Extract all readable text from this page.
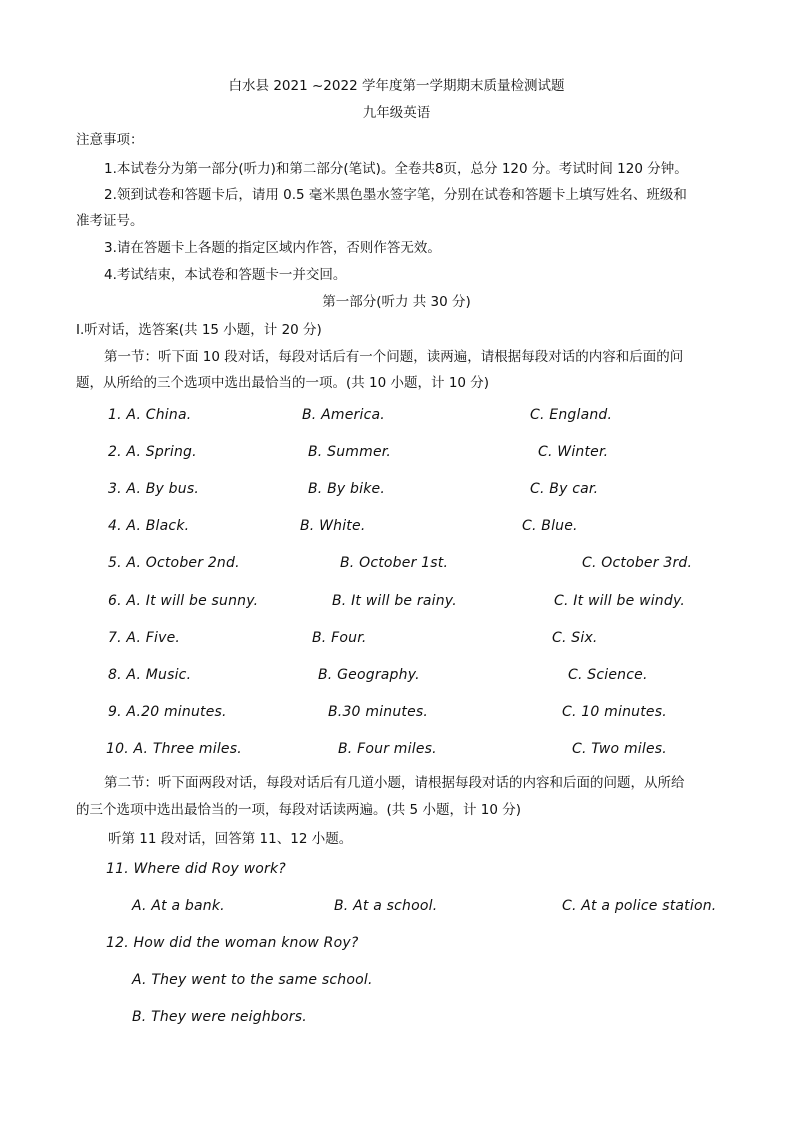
白水县 2021 ~2022 学年度第一学期期末质量检测试题
九年级英语
注意事项：
1.本试卷分为第一部分(听力)和第二部分(笔试)。全卷共8页，总分 120 分。考试时间 120 分钟。
2.领到试卷和答题卡后，请用 0.5 毫米黑色墨水签字笔，分别在试卷和答题卡上填写姓名、班级和
准考证号。
3.请在答题卡上各题的指定区域内作答，否则作答无效。
4.考试结束，本试卷和答题卡一并交回。
第一部分(听力 共 30 分)
Ⅰ.听对话，选答案(共 15 小题，计 20 分)
第一节：听下面 10 段对话，每段对话后有一个问题，读两遍，请根据每段对话的内容和后面的问
题，从所给的三个选项中选出最恰当的一项。(共 10 小题，计 10 分)
1. A. China.	B. America.	C. England.
2. A. Spring.	B. Summer.	C. Winter.
3. A. By bus.	B. By bike.	C. By car.
4. A. Black.	B. White.	C. Blue.
5. A. October 2nd.	B. October 1st.	C. October 3rd.
6. A. It will be sunny.	B. It will be rainy.	C. It will be windy.
7. A. Five.	B. Four.	C. Six.
8. A. Music.	B. Geography.	C. Science.
9. A.20 minutes.	B.30 minutes.	C. 10 minutes.
10. A. Three miles.	B. Four miles.	C. Two miles.
第二节：听下面两段对话，每段对话后有几道小题，请根据每段对话的内容和后面的问题，从所给
的三个选项中选出最恰当的一项，每段对话读两遍。(共 5 小题，计 10 分)
听第 11 段对话，回答第 11、12 小题。
11. Where did Roy work?
A. At a bank.	B. At a school.	C. At a police station.
12. How did the woman know Roy?
A. They went to the same school.
B. They were neighbors.
